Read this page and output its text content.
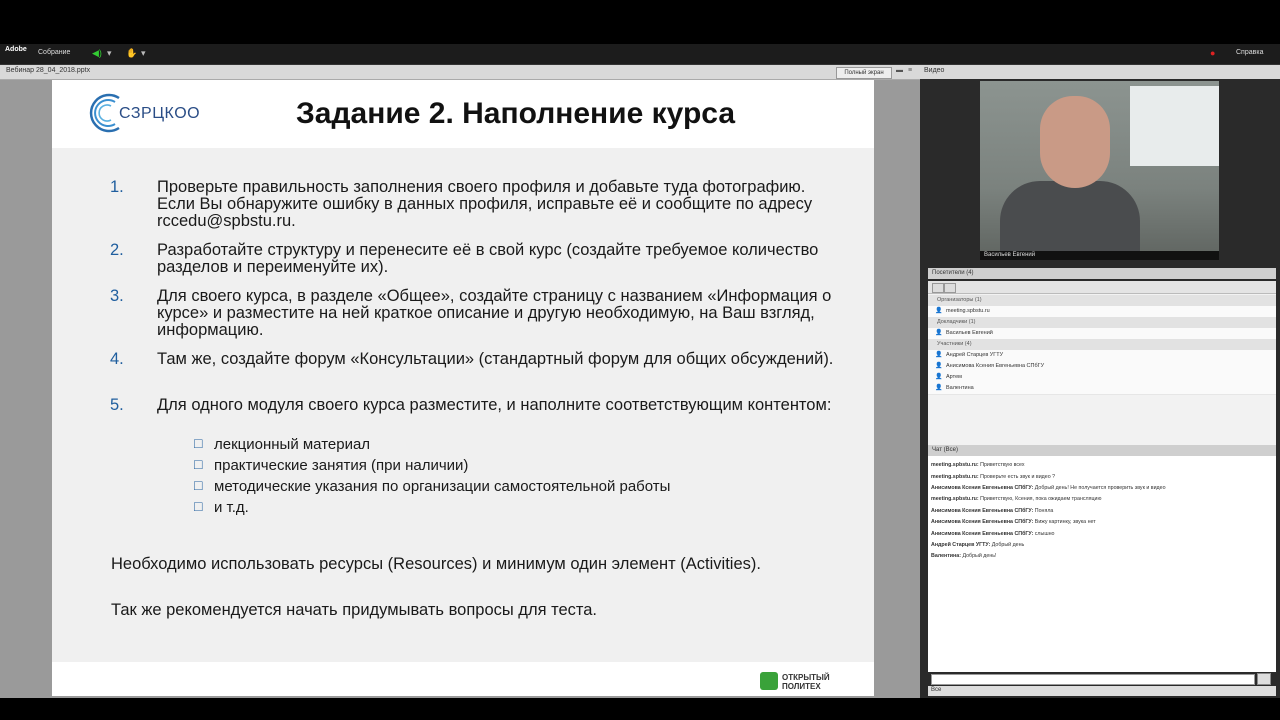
Adobe Собрание ◀) ▾ ✋ ▾	●	Справка
Вебинар 28_04_2018.pptx	Полный экран	▬ ≡
СЗРЦКОО	Задание 2. Наполнение курса
1. Проверьте правильность заполнения своего профиля и добавьте туда фотографию. Если Вы обнаружите ошибку в данных профиля, исправьте её и сообщите по адресу rccedu@spbstu.ru.
2. Разработайте структуру и перенесите её в свой курс (создайте требуемое количество разделов и переименуйте их).
3. Для своего курса, в разделе «Общее», создайте страницу с названием «Информация о курсе» и разместите на ней краткое описание и другую необходимую, на Ваш взгляд, информацию.
4. Там же, создайте форум «Консультации» (стандартный форум для общих обсуждений).
5. Для одного модуля своего курса разместите, и наполните соответствующим контентом:
□ лекционный материал
□ практические занятия (при наличии)
□ методические указания по организации самостоятельной работы
□ и т.д.
Необходимо использовать ресурсы (Resources) и минимум один элемент (Activities).
Так же рекомендуется начать придумывать вопросы для теста.
ОТКРЫТЫЙ
ПОЛИТЕХ
Видео
Васильев Евгений
Посетители (4)
Организаторы (1)
👤 meeting.spbstu.ru
Докладчики (1)
👤 Васильев Евгений
Участники (4)
👤 Андрей Старцев УГТУ
👤 Анисимова Ксения Евгеньевна СПбГУ
👤 Артем
👤 Валентина
Чат (Все)
meeting.spbstu.ru: Приветствую всех
meeting.spbstu.ru: Проверьте есть звук и видео ?
Анисимова Ксения Евгеньевна СПбГУ: Добрый день! Не получается проверить звук и видео
meeting.spbstu.ru: Приветствую, Ксения, пока ожидаем трансляцию
Анисимова Ксения Евгеньевна СПбГУ: Поняла
Анисимова Ксения Евгеньевна СПбГУ: Вижу картинку, звука нет
Анисимова Ксения Евгеньевна СПбГУ: слышно
Андрей Старцев УГТУ: Добрый день
Валентина: Добрый день!
Все
